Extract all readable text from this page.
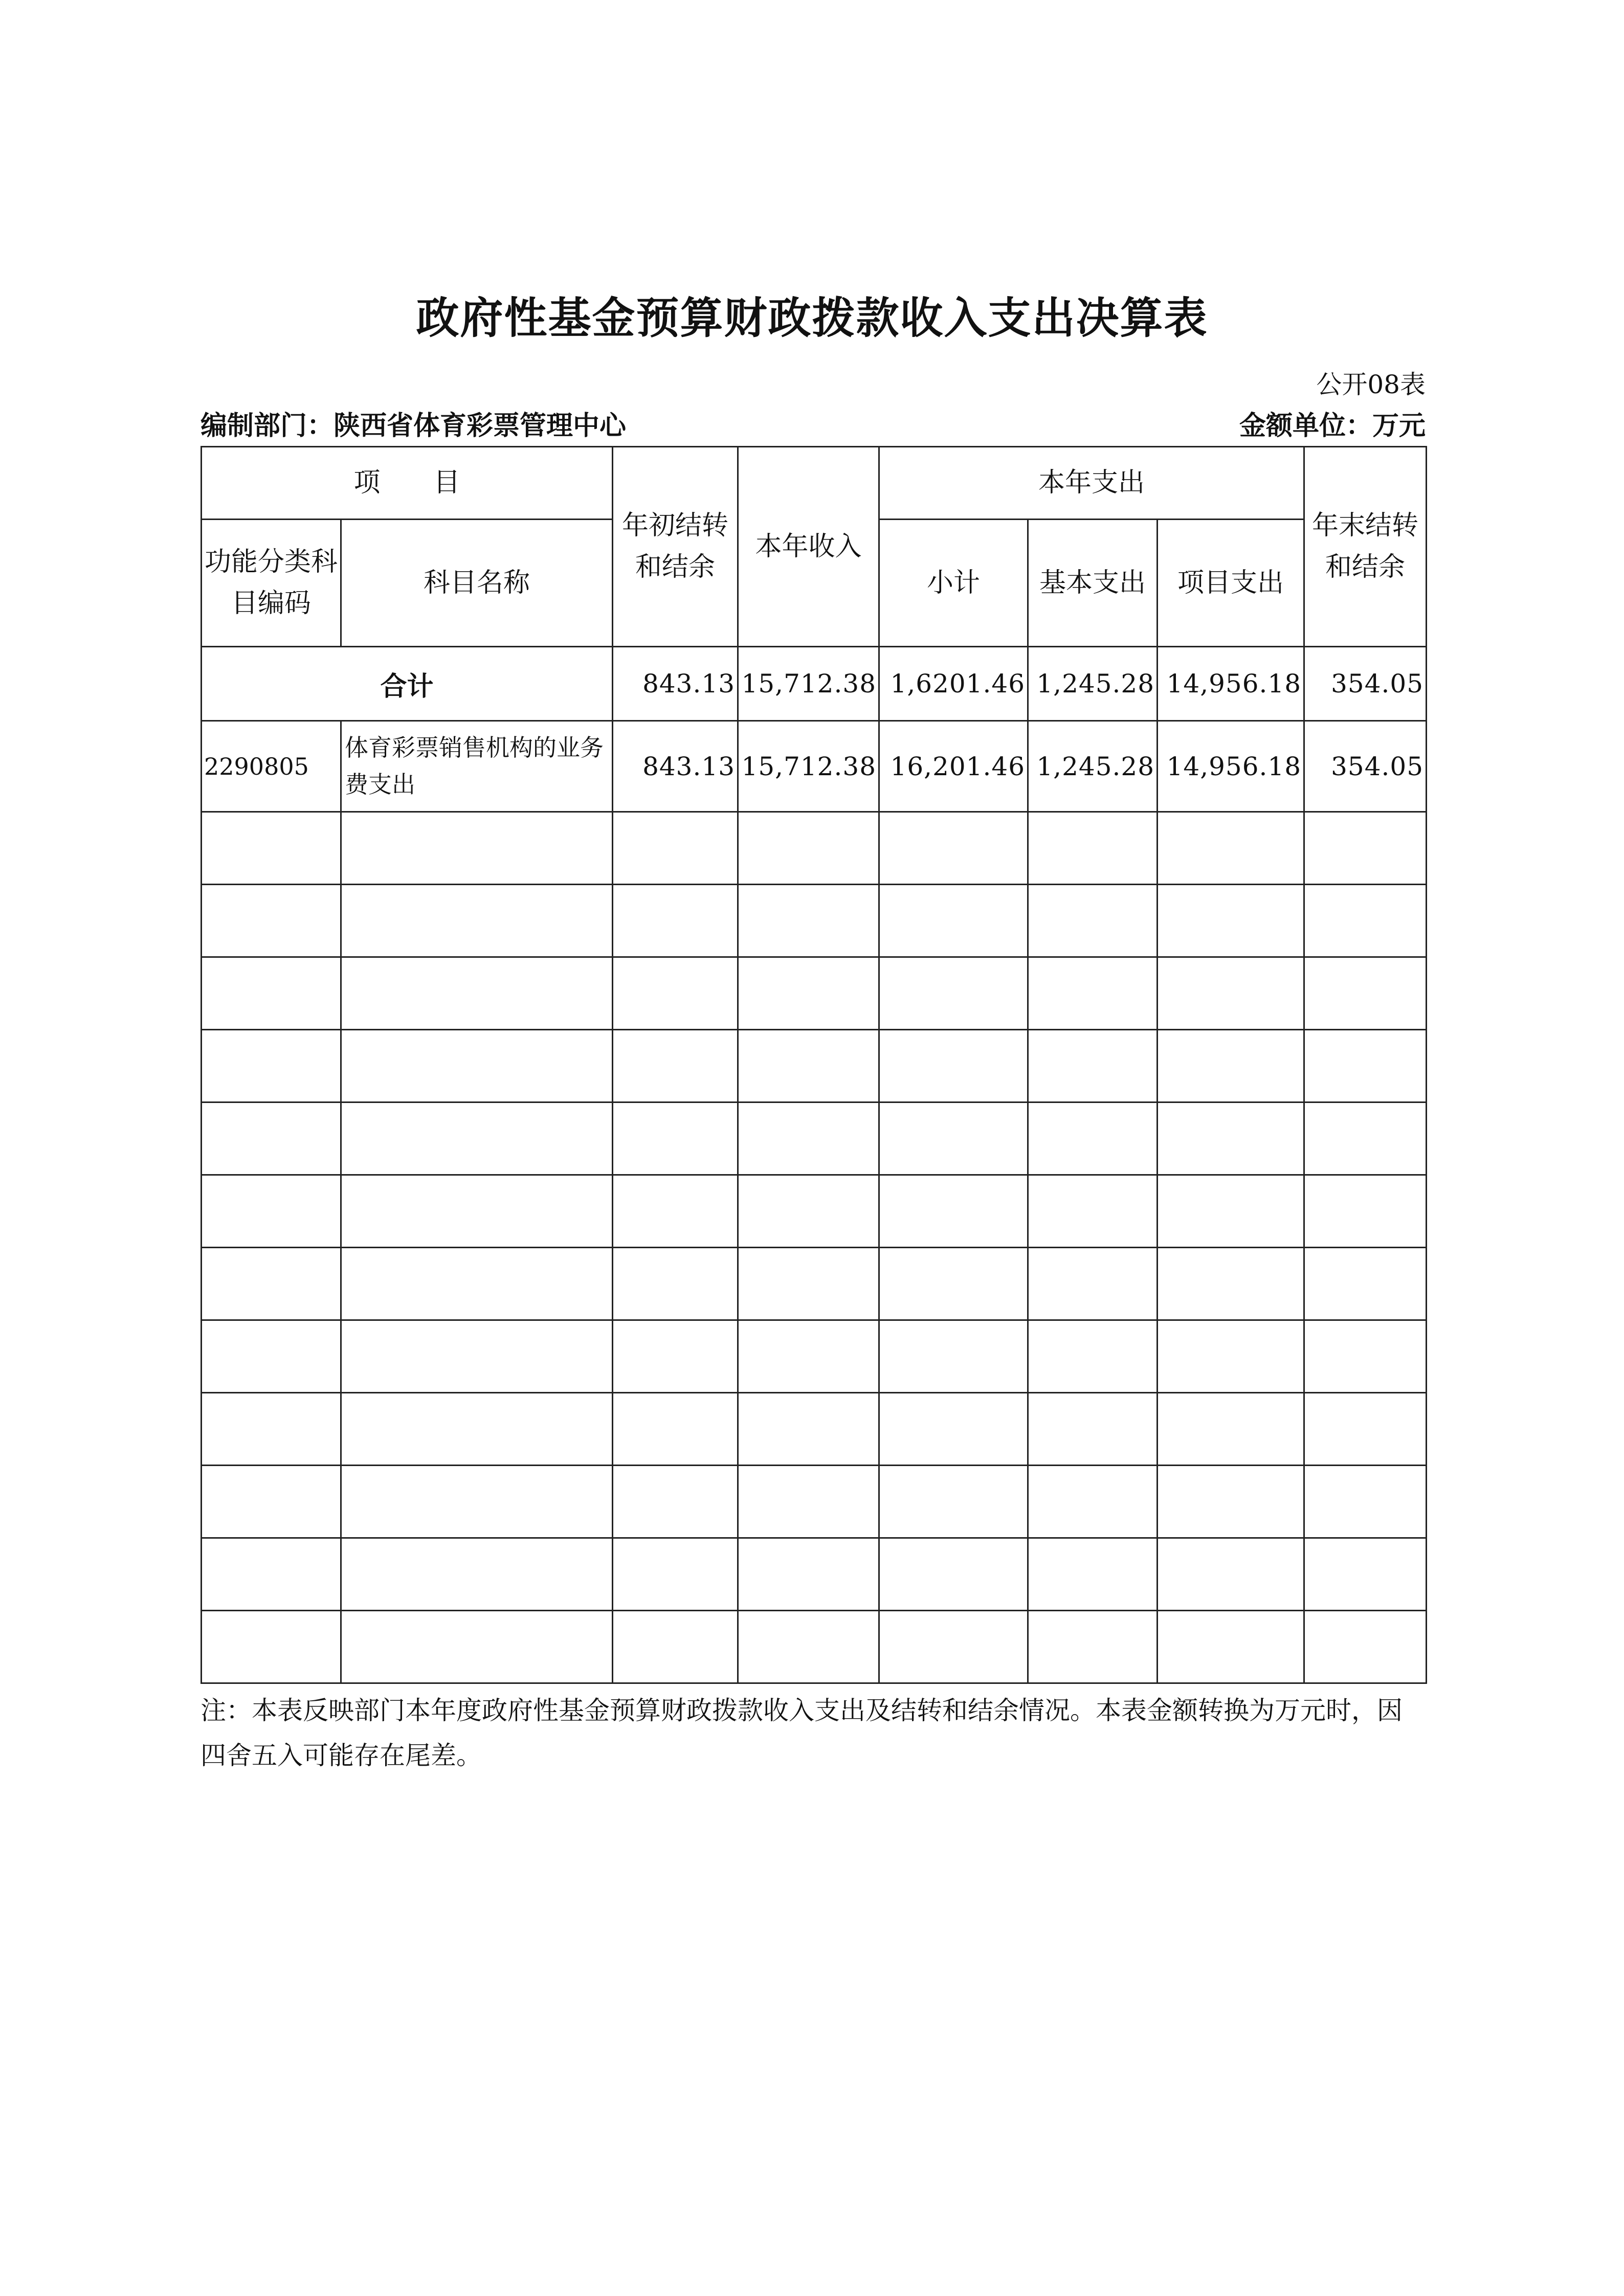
政府性基金预算财政拨款收入支出决算表
公开08表
编制部门：陕西省体育彩票管理中心	金额单位：万元
项　　目		年初结转和结余	本年收入	本年支出			年末结转和结余
功能分类科目编码	科目名称			小计	基本支出	项目支出	
合计		843.13	15,712.38	1,6201.46	1,245.28	14,956.18	354.05
2290805	体育彩票销售机构的业务费支出	843.13	15,712.38	16,201.46	1,245.28	14,956.18	354.05

注：本表反映部门本年度政府性基金预算财政拨款收入支出及结转和结余情况。本表金额转换为万元时，因四舍五入可能存在尾差。
